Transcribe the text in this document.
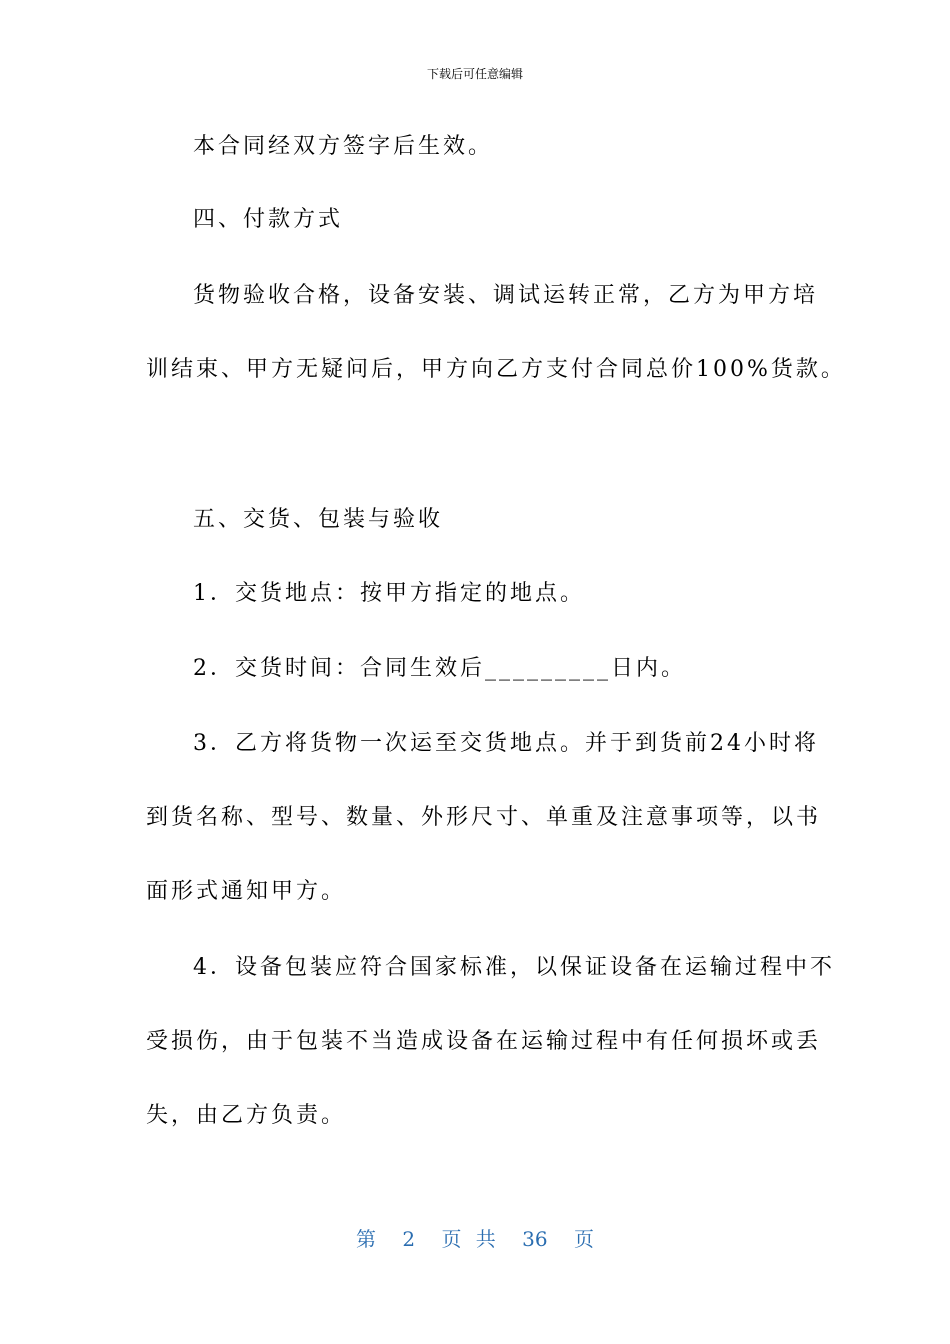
下载后可任意编辑
本合同经双方签字后生效。
四、付款方式
货物验收合格，设备安装、调试运转正常，乙方为甲方培
训结束、甲方无疑问后，甲方向乙方支付合同总价100%货款。
五、交货、包装与验收
1．交货地点：按甲方指定的地点。
2．交货时间：合同生效后_________日内。
3．乙方将货物一次运至交货地点。并于到货前24小时将
到货名称、型号、数量、外形尺寸、单重及注意事项等，以书
面形式通知甲方。
4．设备包装应符合国家标准，以保证设备在运输过程中不
受损伤，由于包装不当造成设备在运输过程中有任何损坏或丢
失，由乙方负责。
第 2 页 共 36 页
